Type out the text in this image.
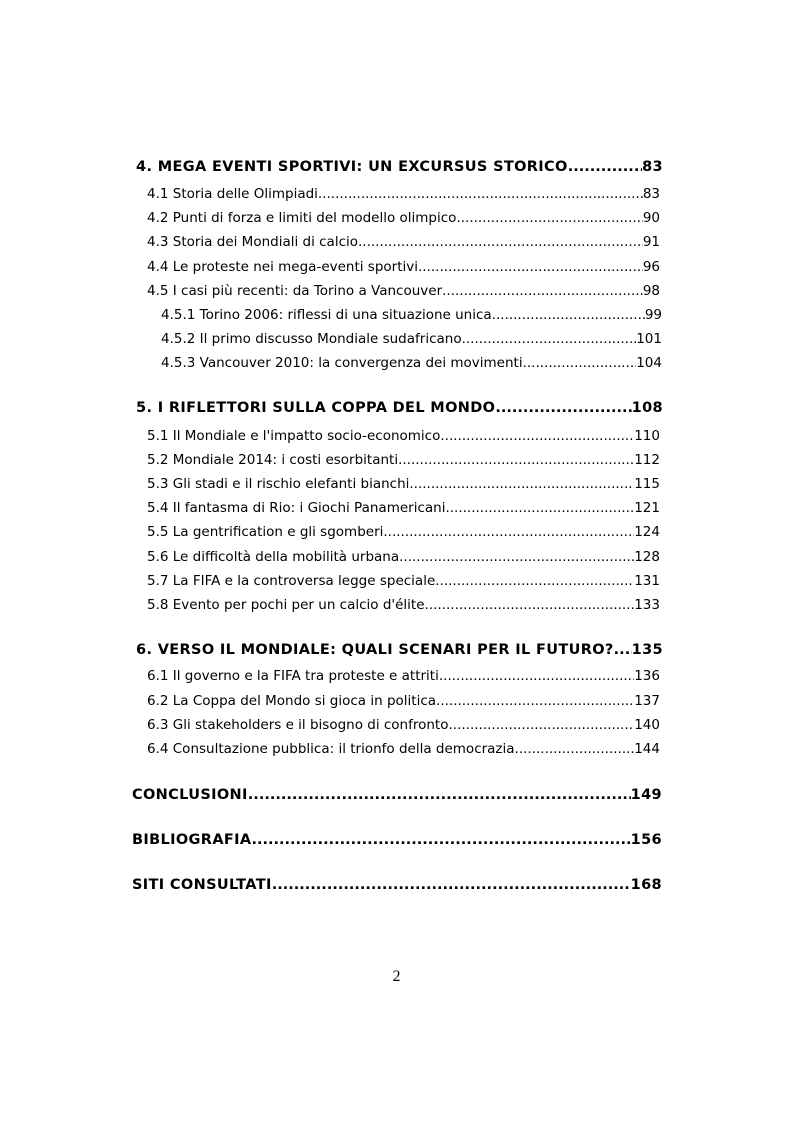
4. MEGA EVENTI SPORTIVI: UN EXCURSUS STORICO .....	83
4.1 Storia delle Olimpiadi .....	83
4.2 Punti di forza e limiti del modello olimpico .....	90
4.3 Storia dei Mondiali di calcio .....	91
4.4 Le proteste nei mega-eventi sportivi .....	96
4.5 I casi più recenti: da Torino a Vancouver .....	98
4.5.1 Torino 2006: riflessi di una situazione unica .....	99
4.5.2 Il primo discusso Mondiale sudafricano .....	101
4.5.3 Vancouver 2010: la convergenza dei movimenti .....	104
5. I RIFLETTORI SULLA COPPA DEL MONDO .....	108
5.1 Il Mondiale e l'impatto socio-economico .....	110
5.2 Mondiale 2014: i costi esorbitanti .....	112
5.3 Gli stadi e il rischio elefanti bianchi .....	115
5.4 Il fantasma di Rio: i Giochi Panamericani .....	121
5.5 La gentrification e gli sgomberi .....	124
5.6 Le difficoltà della mobilità urbana .....	128
5.7 La FIFA e la controversa legge speciale .....	131
5.8 Evento per pochi per un calcio d'élite .....	133
6. VERSO IL MONDIALE: QUALI SCENARI PER IL FUTURO? ..... 135
6.1 Il governo e la FIFA tra proteste e attriti .....	136
6.2 La Coppa del Mondo si gioca in politica .....	137
6.3 Gli stakeholders e il bisogno di confronto .....	140
6.4 Consultazione pubblica: il trionfo della democrazia .....	144
CONCLUSIONI .....	149
BIBLIOGRAFIA .....	156
SITI CONSULTATI .....	168
2
